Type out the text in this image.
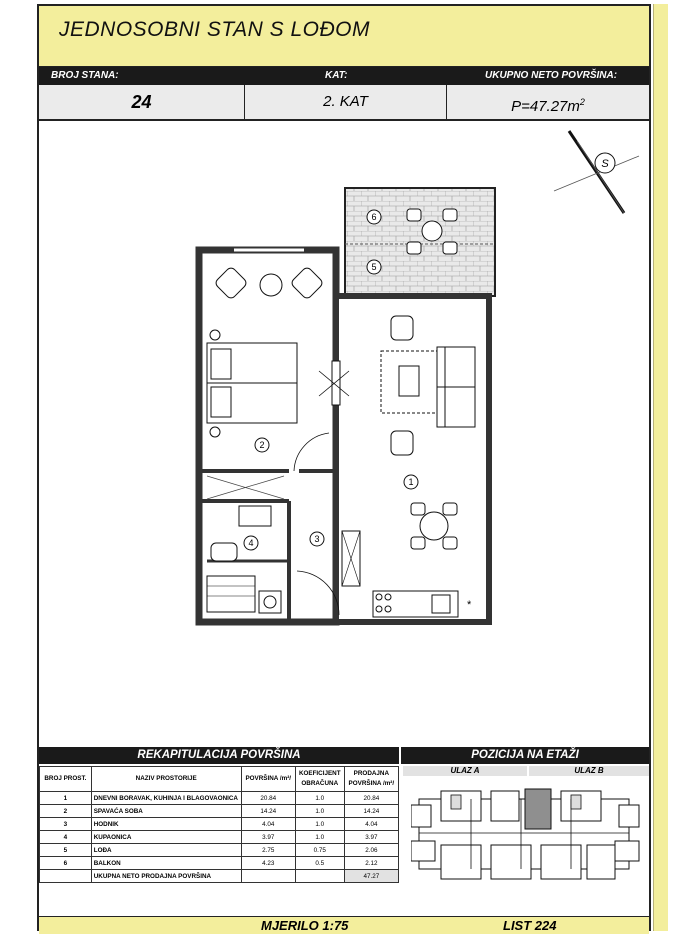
JEDNOSOBNI STAN S LOĐOM
BROJ STANA:	KAT:	UKUPNO NETO POVRŠINA:
24	2. KAT	$P=47.27m^2$
S
*
1
2
3
4
5
6
REKAPITULACIJA POVRŠINA	POZICIJA NA ETAŽI
BROJ PROST.	NAZIV PROSTORIJE	POVRŠINA /m²/	KOEFICIJENT OBRAČUNA	PRODAJNA POVRŠINA /m²/
1	DNEVNI BORAVAK, KUHINJA I BLAGOVAONICA	20.84	1.0	20.84
2	SPAVAĆA SOBA	14.24	1.0	14.24
3	HODNIK	4.04	1.0	4.04
4	KUPAONICA	3.97	1.0	3.97
5	LOĐA	2.75	0.75	2.06
6	BALKON	4.23	0.5	2.12
	UKUPNA NETO PRODAJNA POVRŠINA			47.27
ULAZ A	ULAZ B
MJERILO 1:75	LIST 224
